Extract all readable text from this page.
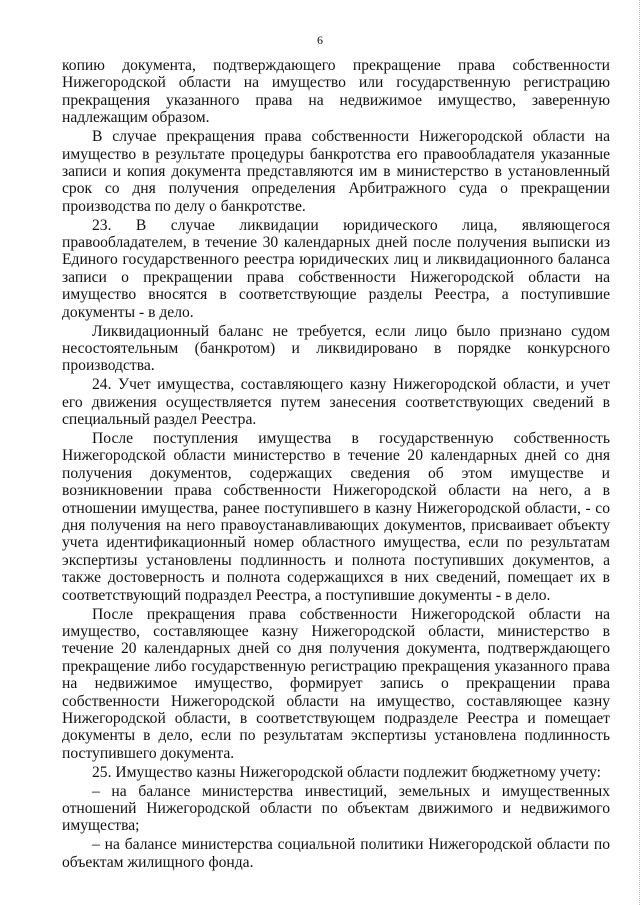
6

копию документа, подтверждающего прекращение права собственности Нижегородской области на имущество или государственную регистрацию прекращения указанного права на недвижимое имущество, заверенную надлежащим образом.

В случае прекращения права собственности Нижегородской области на имущество в результате процедуры банкротства его правообладателя указанные записи и копия документа представляются им в министерство в установленный срок со дня получения определения Арбитражного суда о прекращении производства по делу о банкротстве.

23. В случае ликвидации юридического лица, являющегося правообладателем, в течение 30 календарных дней после получения выписки из Единого государственного реестра юридических лиц и ликвидационного баланса записи о прекращении права собственности Нижегородской области на имущество вносятся в соответствующие разделы Реестра, а поступившие документы - в дело.

Ликвидационный баланс не требуется, если лицо было признано судом несостоятельным (банкротом) и ликвидировано в порядке конкурсного производства.

24. Учет имущества, составляющего казну Нижегородской области, и учет его движения осуществляется путем занесения соответствующих сведений в специальный раздел Реестра.

После поступления имущества в государственную собственность Нижегородской области министерство в течение 20 календарных дней со дня получения документов, содержащих сведения об этом имуществе и возникновении права собственности Нижегородской области на него, а в отношении имущества, ранее поступившего в казну Нижегородской области, - со дня получения на него правоустанавливающих документов, присваивает объекту учета идентификационный номер областного имущества, если по результатам экспертизы установлены подлинность и полнота поступивших документов, а также достоверность и полнота содержащихся в них сведений, помещает их в соответствующий подраздел Реестра, а поступившие документы - в дело.

После прекращения права собственности Нижегородской области на имущество, составляющее казну Нижегородской области, министерство в течение 20 календарных дней со дня получения документа, подтверждающего прекращение либо государственную регистрацию прекращения указанного права на недвижимое имущество, формирует запись о прекращении права собственности Нижегородской области на имущество, составляющее казну Нижегородской области, в соответствующем подразделе Реестра и помещает документы в дело, если по результатам экспертизы установлена подлинность поступившего документа.

25. Имущество казны Нижегородской области подлежит бюджетному учету:

– на балансе министерства инвестиций, земельных и имущественных отношений Нижегородской области по объектам движимого и недвижимого имущества;

– на балансе министерства социальной политики Нижегородской области по объектам жилищного фонда.
